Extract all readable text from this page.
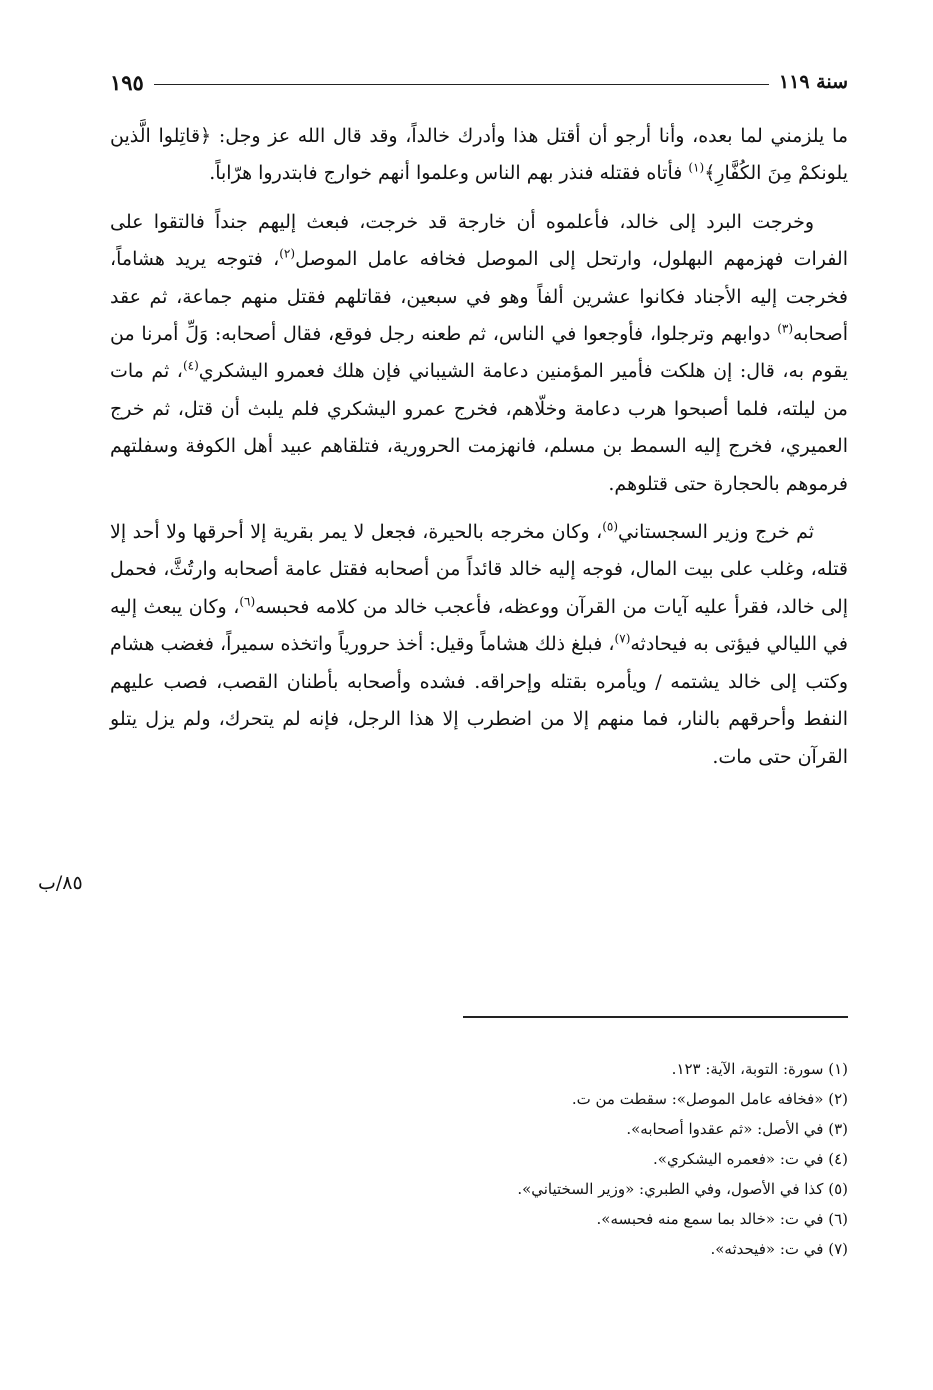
سنة ١١٩
١٩٥

ما يلزمني لما بعده، وأنا أرجو أن أقتل هذا وأدرك خالداً، وقد قال الله عز وجل: ﴿قاتِلوا الَّذين يلونكمْ مِنَ الكُفَّارِ﴾$^{(١)}$ فأتاه فقتله فنذر بهم الناس وعلموا أنهم خوارج فابتدروا هرّاباً.

وخرجت البرد إلى خالد، فأعلموه أن خارجة قد خرجت، فبعث إليهم جنداً فالتقوا على الفرات فهزمهم البهلول، وارتحل إلى الموصل فخافه عامل الموصل$^{(٢)}$، فتوجه يريد هشاماً، فخرجت إليه الأجناد فكانوا عشرين ألفاً وهو في سبعين، فقاتلهم فقتل منهم جماعة، ثم عقد أصحابه$^{(٣)}$ دوابهم وترجلوا، فأوجعوا في الناس، ثم طعنه رجل فوقع، فقال أصحابه: وَلِّ أمرنا من يقوم به، قال: إن هلكت فأمير المؤمنين دعامة الشيباني فإن هلك فعمرو اليشكري$^{(٤)}$، ثم مات من ليلته، فلما أصبحوا هرب دعامة وخلّاهم، فخرج عمرو اليشكري فلم يلبث أن قتل، ثم خرج العميري، فخرج إليه السمط بن مسلم، فانهزمت الحرورية، فتلقاهم عبيد أهل الكوفة وسفلتهم فرموهم بالحجارة حتى قتلوهم.

ثم خرج وزير السجستاني$^{(٥)}$، وكان مخرجه بالحيرة، فجعل لا يمر بقرية إلا أحرقها ولا أحد إلا قتله، وغلب على بيت المال، فوجه إليه خالد قائداً من أصحابه فقتل عامة أصحابه وارتُثَّ، فحمل إلى خالد، فقرأ عليه آيات من القرآن ووعظه، فأعجب خالد من كلامه فحبسه$^{(٦)}$، وكان يبعث إليه في الليالي فيؤتى به فيحادثه$^{(٧)}$، فبلغ ذلك هشاماً وقيل: أخذ حرورياً واتخذه سميراً، فغضب هشام وكتب إلى خالد يشتمه / ويأمره بقتله وإحراقه. فشده وأصحابه بأطنان القصب، فصب عليهم النفط وأحرقهم بالنار، فما منهم إلا من اضطرب إلا هذا الرجل، فإنه لم يتحرك، ولم يزل يتلو القرآن حتى مات.

٨٥/ب
(١) سورة: التوبة، الآية: ١٢٣.
(٢) «فخافه عامل الموصل»: سقطت من ت.
(٣) في الأصل: «ثم عقدوا أصحابه».
(٤) في ت: «فعمره اليشكري».
(٥) كذا في الأصول، وفي الطبري: «وزير السختياني».
(٦) في ت: «خالد بما سمع منه فحبسه».
(٧) في ت: «فيحدثه».
